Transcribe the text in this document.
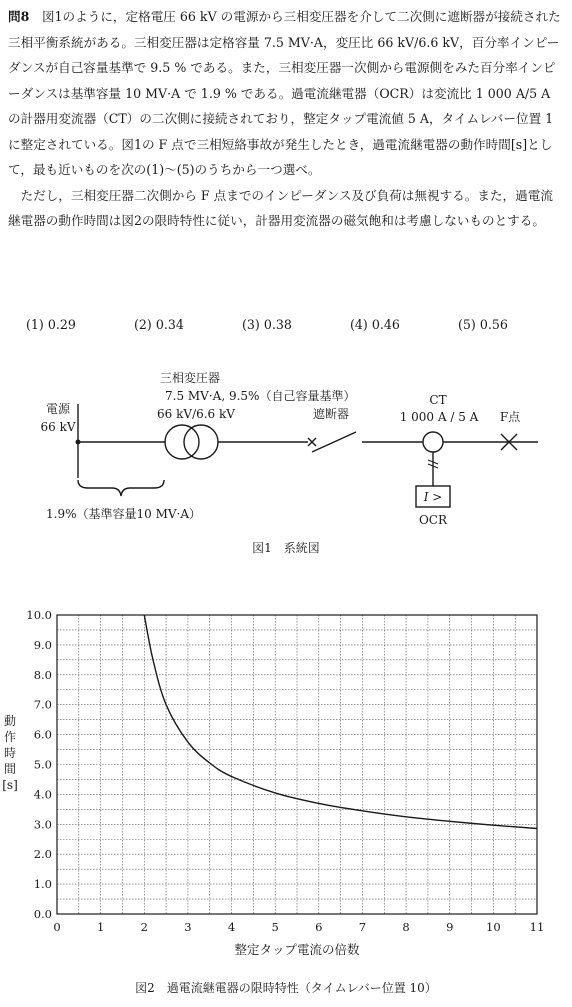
問8　 図1のように，定格電圧 66 kV の電源から三相変圧器を介して二次側に遮断器が接続された三相平衡系統がある。三相変圧器は定格容量 7.5 MV·A，変圧比 66 kV/6.6 kV，百分率インピーダンスが自己容量基準で 9.5 % である。また，三相変圧器一次側から電源側をみた百分率インピーダンスは基準容量 10 MV·A で 1.9 % である。過電流継電器（OCR）は変流比 1 000 A/5 A の計器用変流器（CT）の二次側に接続されており，整定タップ電流値 5 A，タイムレバー位置 1 に整定されている。図1の F 点で三相短絡事故が発生したとき，過電流継電器の動作時間[s]として，最も近いものを次の(1)〜(5)のうちから一つ選べ。

ただし，三相変圧器二次側から F 点までのインピーダンス及び負荷は無視する。また，過電流継電器の動作時間は図2の限時特性に従い，計器用変流器の磁気飽和は考慮しないものとする。

(1) 0.29	(2) 0.34	(3) 0.38	(4) 0.46	(5) 0.56
三相変圧器
7.5 MV·A, 9.5%（自己容量基準）
66 kV/6.6 kV
電源
66 kV
遮断器
CT
1 000 A / 5 A F点
I >
OCR
1.9%（基準容量10 MV·A）
図1　系統図
0.0
1.0
2.0
3.0
4.0
5.0
6.0
7.0
8.0
9.0
10.0
0	1	2	3	4	5	6	7	8	9	10	11
動
作
時
間
[s]
整定タップ電流の倍数
図2　過電流継電器の限時特性（タイムレバー位置 10）
